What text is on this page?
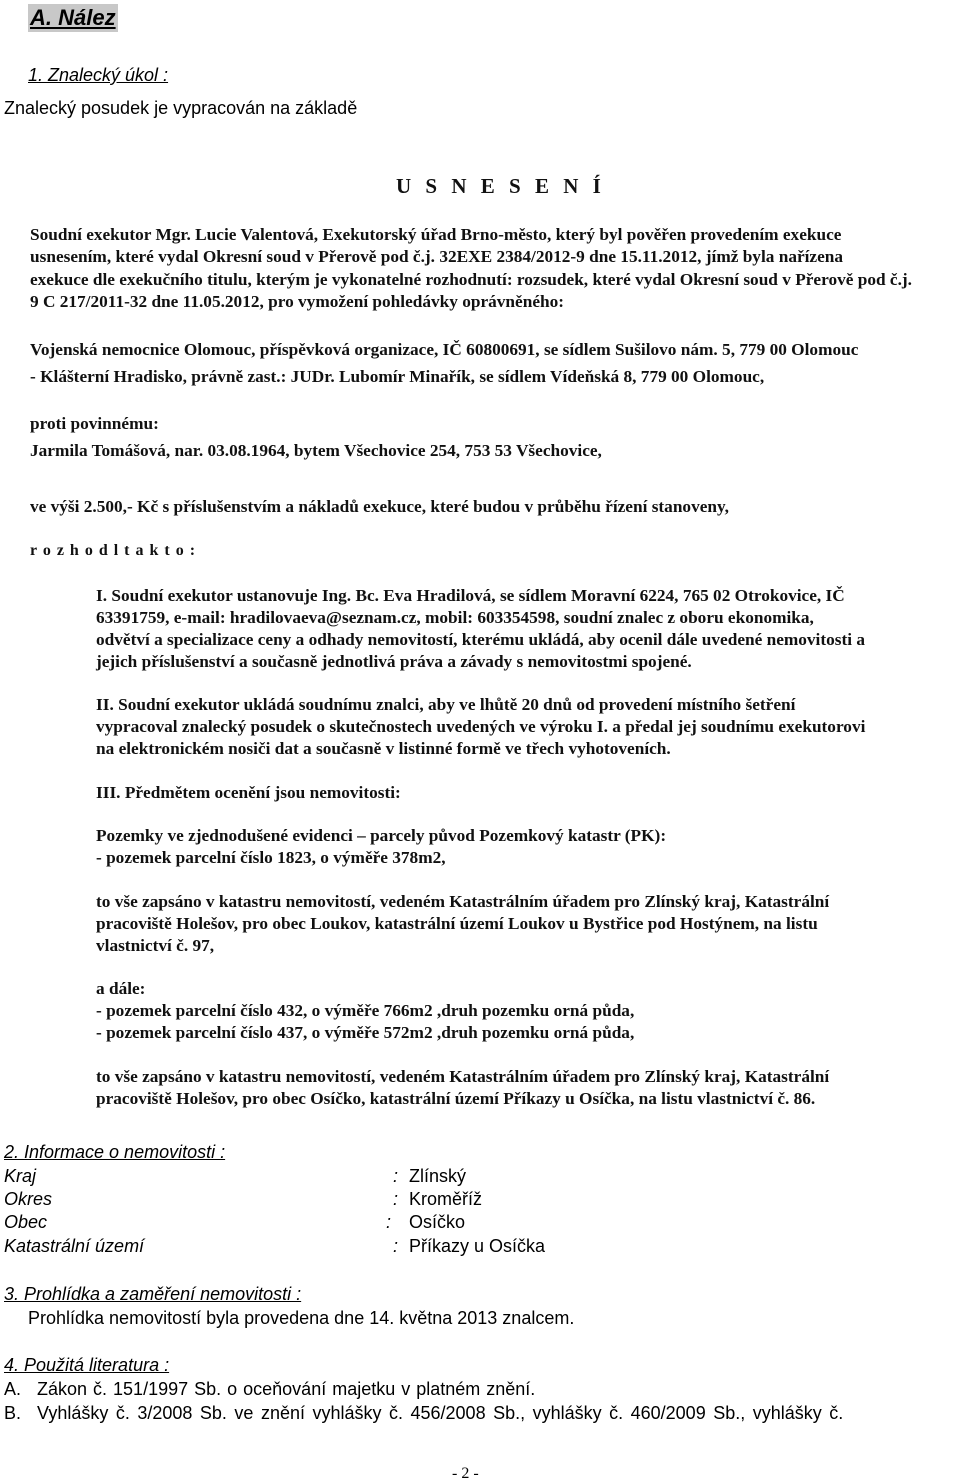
A. Nález
1. Znalecký úkol :
Znalecký posudek je vypracován na základě

U S N E S E N Í

Soudní exekutor Mgr. Lucie Valentová, Exekutorský úřad Brno-město, který byl pověřen provedením exekuce

usnesením, které vydal Okresní soud v Přerově pod č.j. 32EXE 2384/2012-9 dne 15.11.2012, jímž byla nařízena

exekuce dle exekučního titulu, kterým je vykonatelné rozhodnutí: rozsudek, které vydal Okresní soud v Přerově pod č.j.

9 C 217/2011-32 dne 11.05.2012, pro vymožení pohledávky oprávněného:

Vojenská nemocnice Olomouc, příspěvková organizace, IČ 60800691, se sídlem Sušilovo nám. 5, 779 00 Olomouc

- Klášterní Hradisko, právně zast.: JUDr. Lubomír Minařík, se sídlem Vídeňská 8, 779 00 Olomouc,

proti povinnému:

Jarmila Tomášová, nar. 03.08.1964, bytem Všechovice 254, 753 53 Všechovice,

ve výši 2.500,- Kč s příslušenstvím a nákladů exekuce, které budou v průběhu řízení stanoveny,

r o z h o d l t a k t o :

I. Soudní exekutor ustanovuje Ing. Bc. Eva Hradilová, se sídlem Moravní 6224, 765 02 Otrokovice, IČ

63391759, e-mail: hradilovaeva@seznam.cz, mobil: 603354598, soudní znalec z oboru ekonomika,

odvětví a specializace ceny a odhady nemovitostí, kterému ukládá, aby ocenil dále uvedené nemovitosti a

jejich příslušenství a současně jednotlivá práva a závady s nemovitostmi spojené.

II. Soudní exekutor ukládá soudnímu znalci, aby ve lhůtě 20 dnů od provedení místního šetření

vypracoval znalecký posudek o skutečnostech uvedených ve výroku I. a předal jej soudnímu exekutorovi

na elektronickém nosiči dat a současně v listinné formě ve třech vyhotoveních.

III. Předmětem ocenění jsou nemovitosti:

Pozemky ve zjednodušené evidenci – parcely původ Pozemkový katastr (PK):

- pozemek parcelní číslo 1823, o výměře 378m2,

to vše zapsáno v katastru nemovitostí, vedeném Katastrálním úřadem pro Zlínský kraj, Katastrální

pracoviště Holešov, pro obec Loukov, katastrální území Loukov u Bystřice pod Hostýnem, na listu

vlastnictví č. 97,

a dále:

- pozemek parcelní číslo 432, o výměře 766m2 ,druh pozemku orná půda,

- pozemek parcelní číslo 437, o výměře 572m2 ,druh pozemku orná půda,

to vše zapsáno v katastru nemovitostí, vedeném Katastrálním úřadem pro Zlínský kraj, Katastrální

pracoviště Holešov, pro obec Osíčko, katastrální území Příkazy u Osíčka, na listu vlastnictví č. 86.

2. Informace o nemovitosti :
Kraj	: Zlínský
Okres	: Kroměříž
Obec	: Osíčko
Katastrální území	: Příkazy u Osíčka
3. Prohlídka a zaměření nemovitosti :
Prohlídka nemovitostí byla provedena dne 14. května 2013 znalcem.
4. Použitá literatura :
A. Zákon č. 151/1997 Sb. o oceňování majetku v platném znění.
B. Vyhlášky č. 3/2008 Sb. ve znění vyhlášky č. 456/2008 Sb., vyhlášky č. 460/2009 Sb., vyhlášky č.
- 2 -
